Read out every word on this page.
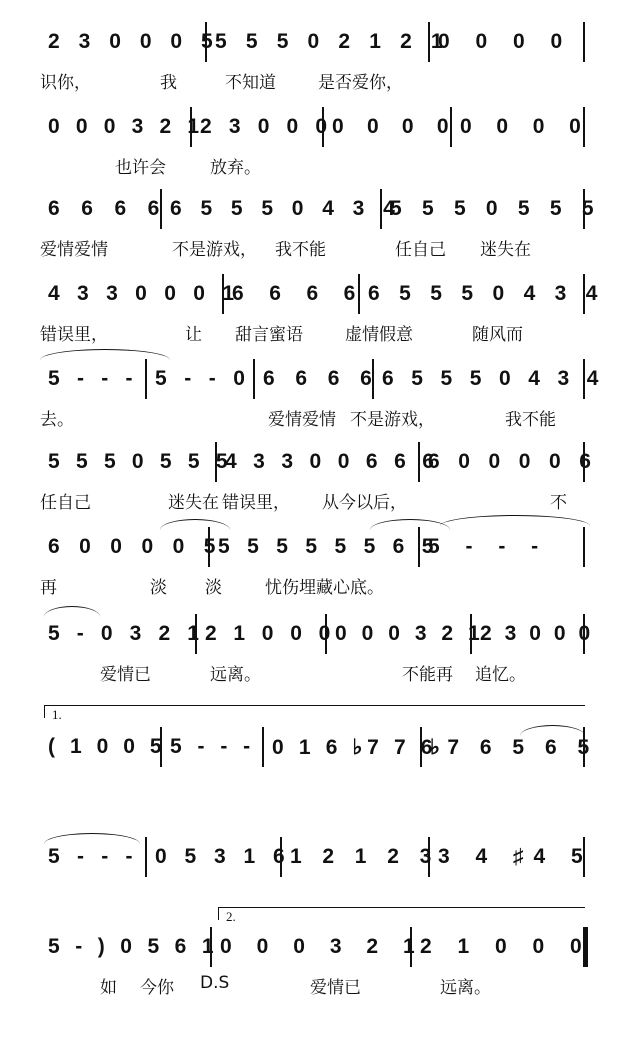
2 3 0 0 0 5
5 5 5 0 2 1 2 1
0 0 0 0
识你，	我	不知道 是否爱你，
0 0 0 3 2 1
2 3 0 0 0 0 0 0 0 0 0 0 0
也许会	放弃。
6 6 6 6 6 5 5 5 0 4 3 4
5 5 5 0 5 5 5
爱情爱情	不是游戏， 我不能	任自己 迷失在
4 3 3 0 0 0 1
6 6 6 6 6 5 5 5 0 4 3 4
错误里，	让 甜言蜜语 虚情假意	随风而
5 - - - 5 - - 0 6 6 6 6 6 5 5 5 0 4 3 4
去。	爱情爱情 不是游戏，	我不能
5 5 5 0 5 5 5
4 3 3 0 0 6 6 6
6 0 0 0 0 6
任自己	迷失在 错误里， 从今以后，	不
6 0 0 0 0 5
5 5 5 5 5 5 6 5
5 - - -
再	淡 淡	忧伤埋藏心底。
5 - 0 3 2 1 2 1 0 0 0 0 0 0 3 2 1
2 3 0 0 0
爱情已	远离。	不能再 追忆。
( 1 0 0 5 5 - - - 0 1 6 ♭7 7 6
♭7 6 5 6 5
1.
5 - - - 0 5 3 1 6 1 2 1 2 3 3 4 ♯4 5
5 - ) 0 5 6 1 0 0 0 3 2 1
2 1 0 0 0
如 今你 D.S	爱情已	远离。
2.
